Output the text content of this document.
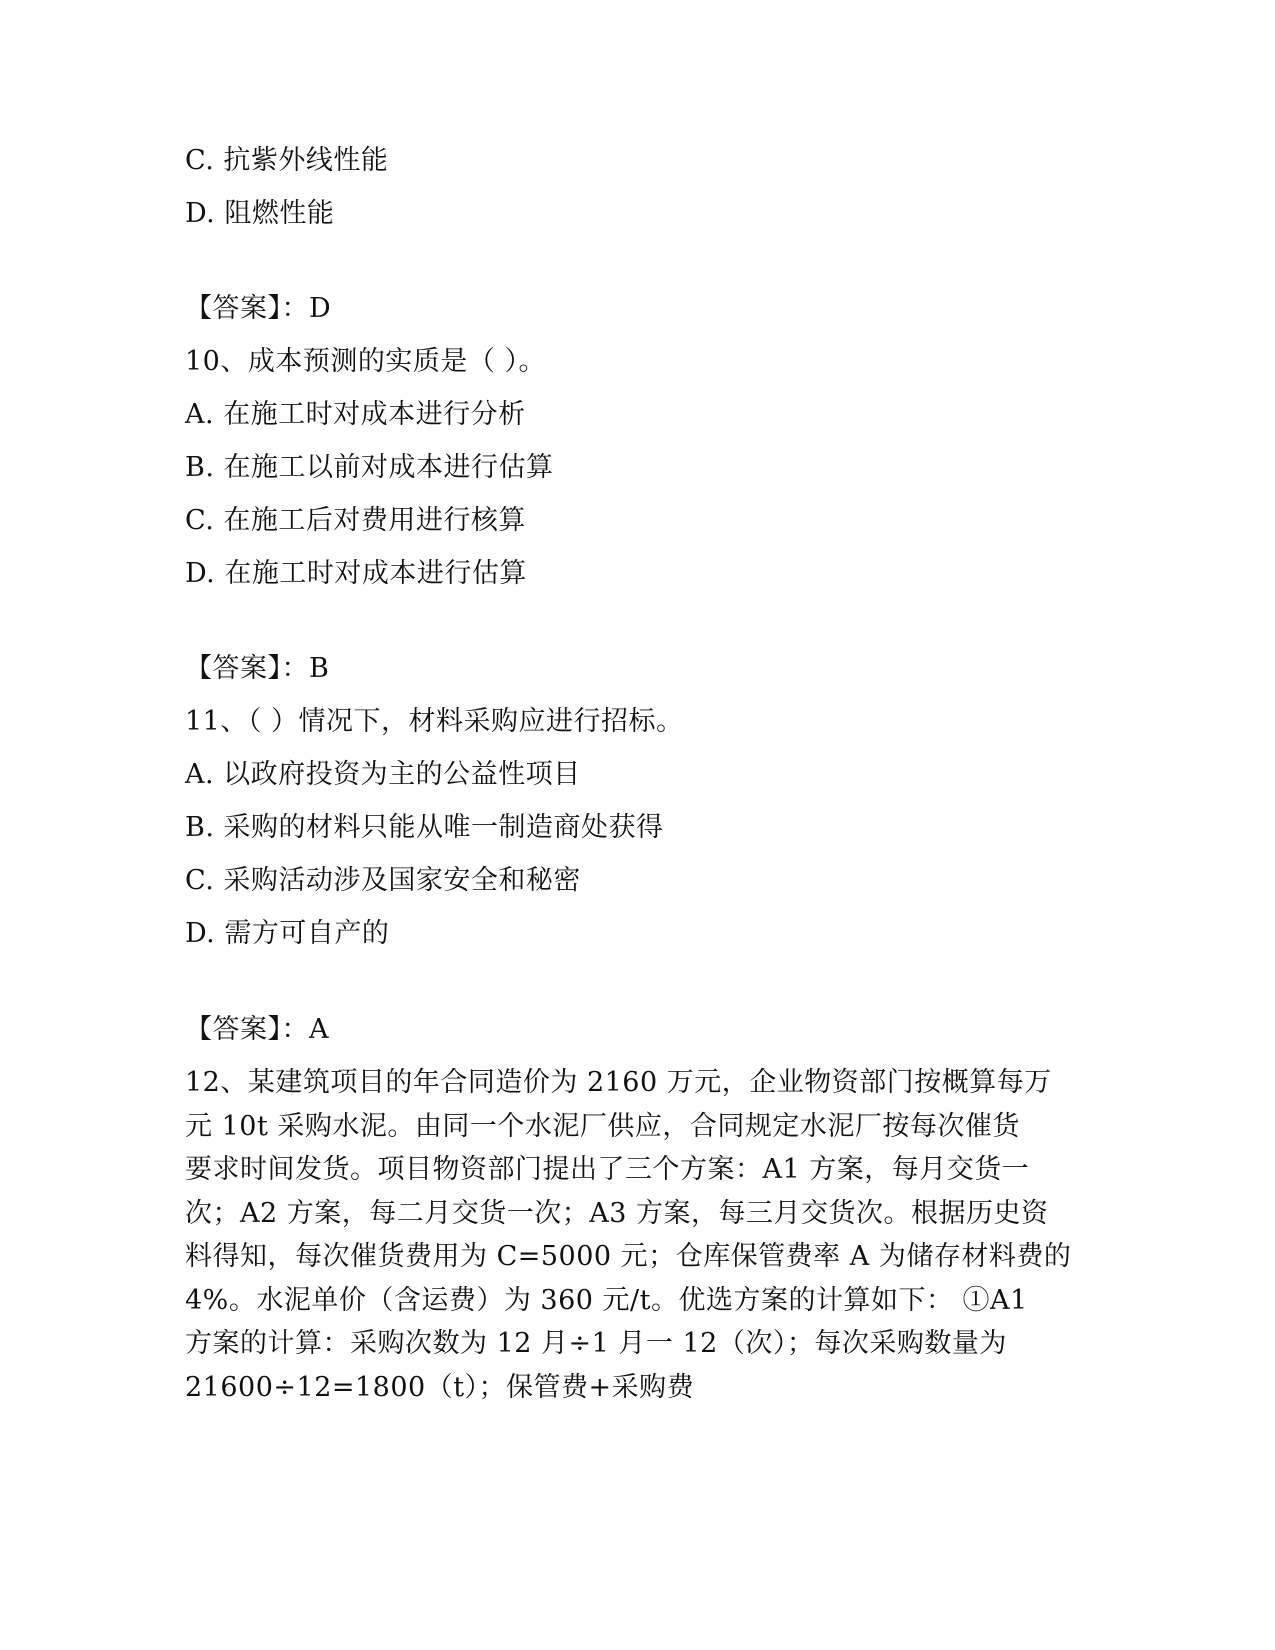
C. 抗紫外线性能
D. 阻燃性能
【答案】：D
10、成本预测的实质是（ ）。
A. 在施工时对成本进行分析
B. 在施工以前对成本进行估算
C. 在施工后对费用进行核算
D. 在施工时对成本进行估算
【答案】：B
11、（ ）情况下，材料采购应进行招标。
A. 以政府投资为主的公益性项目
B. 采购的材料只能从唯一制造商处获得
C. 采购活动涉及国家安全和秘密
D. 需方可自产的
【答案】：A
12、某建筑项目的年合同造价为 2160 万元，企业物资部门按概算每万
元 10t 采购水泥。由同一个水泥厂供应，合同规定水泥厂按每次催货
要求时间发货。项目物资部门提出了三个方案：A1 方案，每月交货一
次；A2 方案，每二月交货一次；A3 方案，每三月交货次。根据历史资
料得知，每次催货费用为 C=5000 元；仓库保管费率 A 为储存材料费的
4%。水泥单价（含运费）为 360 元/t。优选方案的计算如下： ①A1
方案的计算：采购次数为 12 月÷1 月一 12（次）；每次采购数量为
21600÷12=1800（t）；保管费+采购费
